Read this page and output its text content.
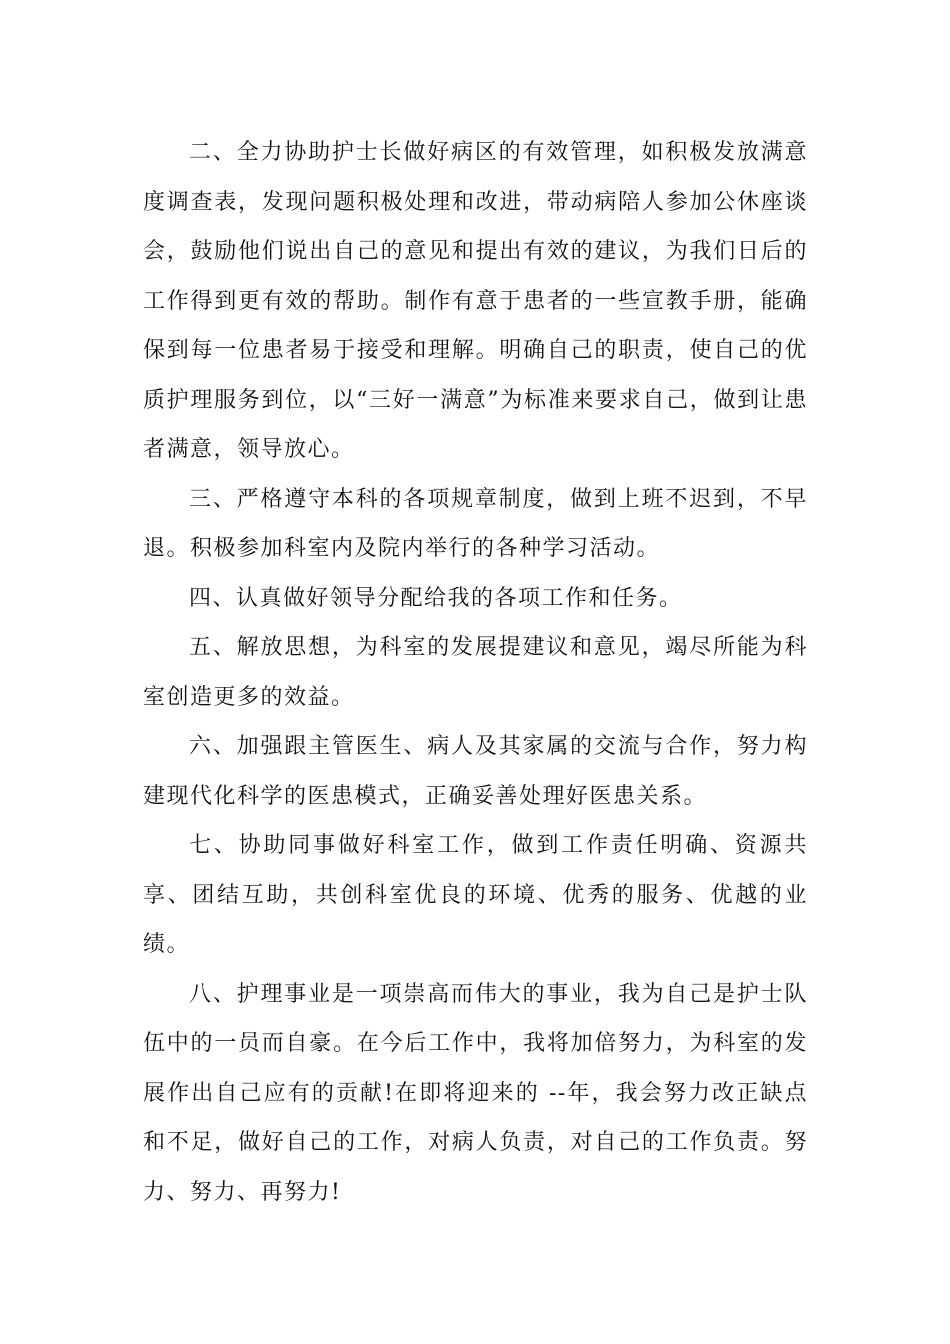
二、全力协助护士长做好病区的有效管理，如积极发放满意度调查表，发现问题积极处理和改进，带动病陪人参加公休座谈会，鼓励他们说出自己的意见和提出有效的建议，为我们日后的工作得到更有效的帮助。制作有意于患者的一些宣教手册，能确保到每一位患者易于接受和理解。明确自己的职责，使自己的优质护理服务到位，以“三好一满意”为标准来要求自己，做到让患者满意，领导放心。

三、严格遵守本科的各项规章制度，做到上班不迟到，不早退。积极参加科室内及院内举行的各种学习活动。

四、认真做好领导分配给我的各项工作和任务。

五、解放思想，为科室的发展提建议和意见，竭尽所能为科室创造更多的效益。

六、加强跟主管医生、病人及其家属的交流与合作，努力构建现代化科学的医患模式，正确妥善处理好医患关系。

七、协助同事做好科室工作，做到工作责任明确、资源共享、团结互助，共创科室优良的环境、优秀的服务、优越的业绩。

八、护理事业是一项崇高而伟大的事业，我为自己是护士队伍中的一员而自豪。在今后工作中，我将加倍努力，为科室的发展作出自己应有的贡献!在即将迎来的 --年，我会努力改正缺点和不足，做好自己的工作，对病人负责，对自己的工作负责。努力、努力、再努力!
